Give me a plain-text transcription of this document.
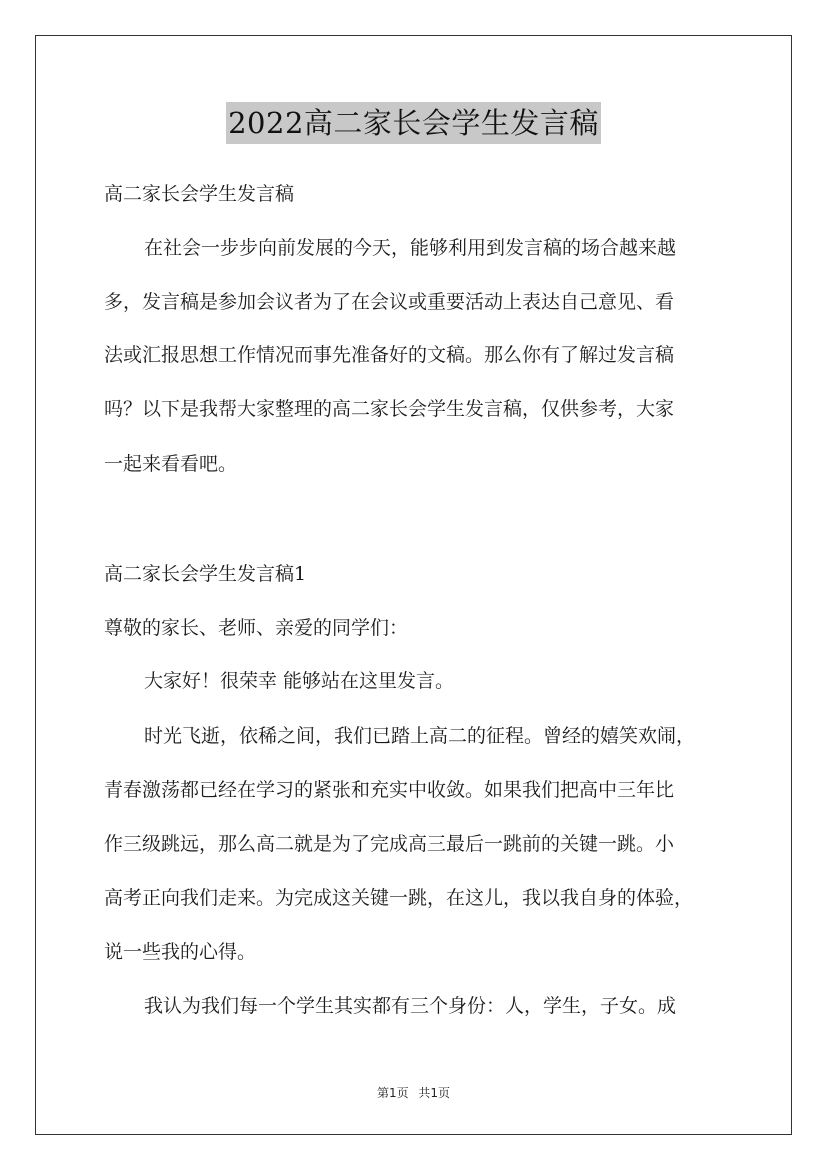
2022高二家长会学生发言稿
高二家长会学生发言稿
在社会一步步向前发展的今天，能够利用到发言稿的场合越来越
多，发言稿是参加会议者为了在会议或重要活动上表达自己意见、看
法或汇报思想工作情况而事先准备好的文稿。那么你有了解过发言稿
吗？以下是我帮大家整理的高二家长会学生发言稿，仅供参考，大家
一起来看看吧。
高二家长会学生发言稿1
尊敬的家长、老师、亲爱的同学们：
大家好！很荣幸 能够站在这里发言。
时光飞逝，依稀之间，我们已踏上高二的征程。曾经的嬉笑欢闹，
青春激荡都已经在学习的紧张和充实中收敛。如果我们把高中三年比
作三级跳远，那么高二就是为了完成高三最后一跳前的关键一跳。小
高考正向我们走来。为完成这关键一跳，在这儿，我以我自身的体验，
说一些我的心得。
我认为我们每一个学生其实都有三个身份：人，学生，子女。成
第1页 共1页
